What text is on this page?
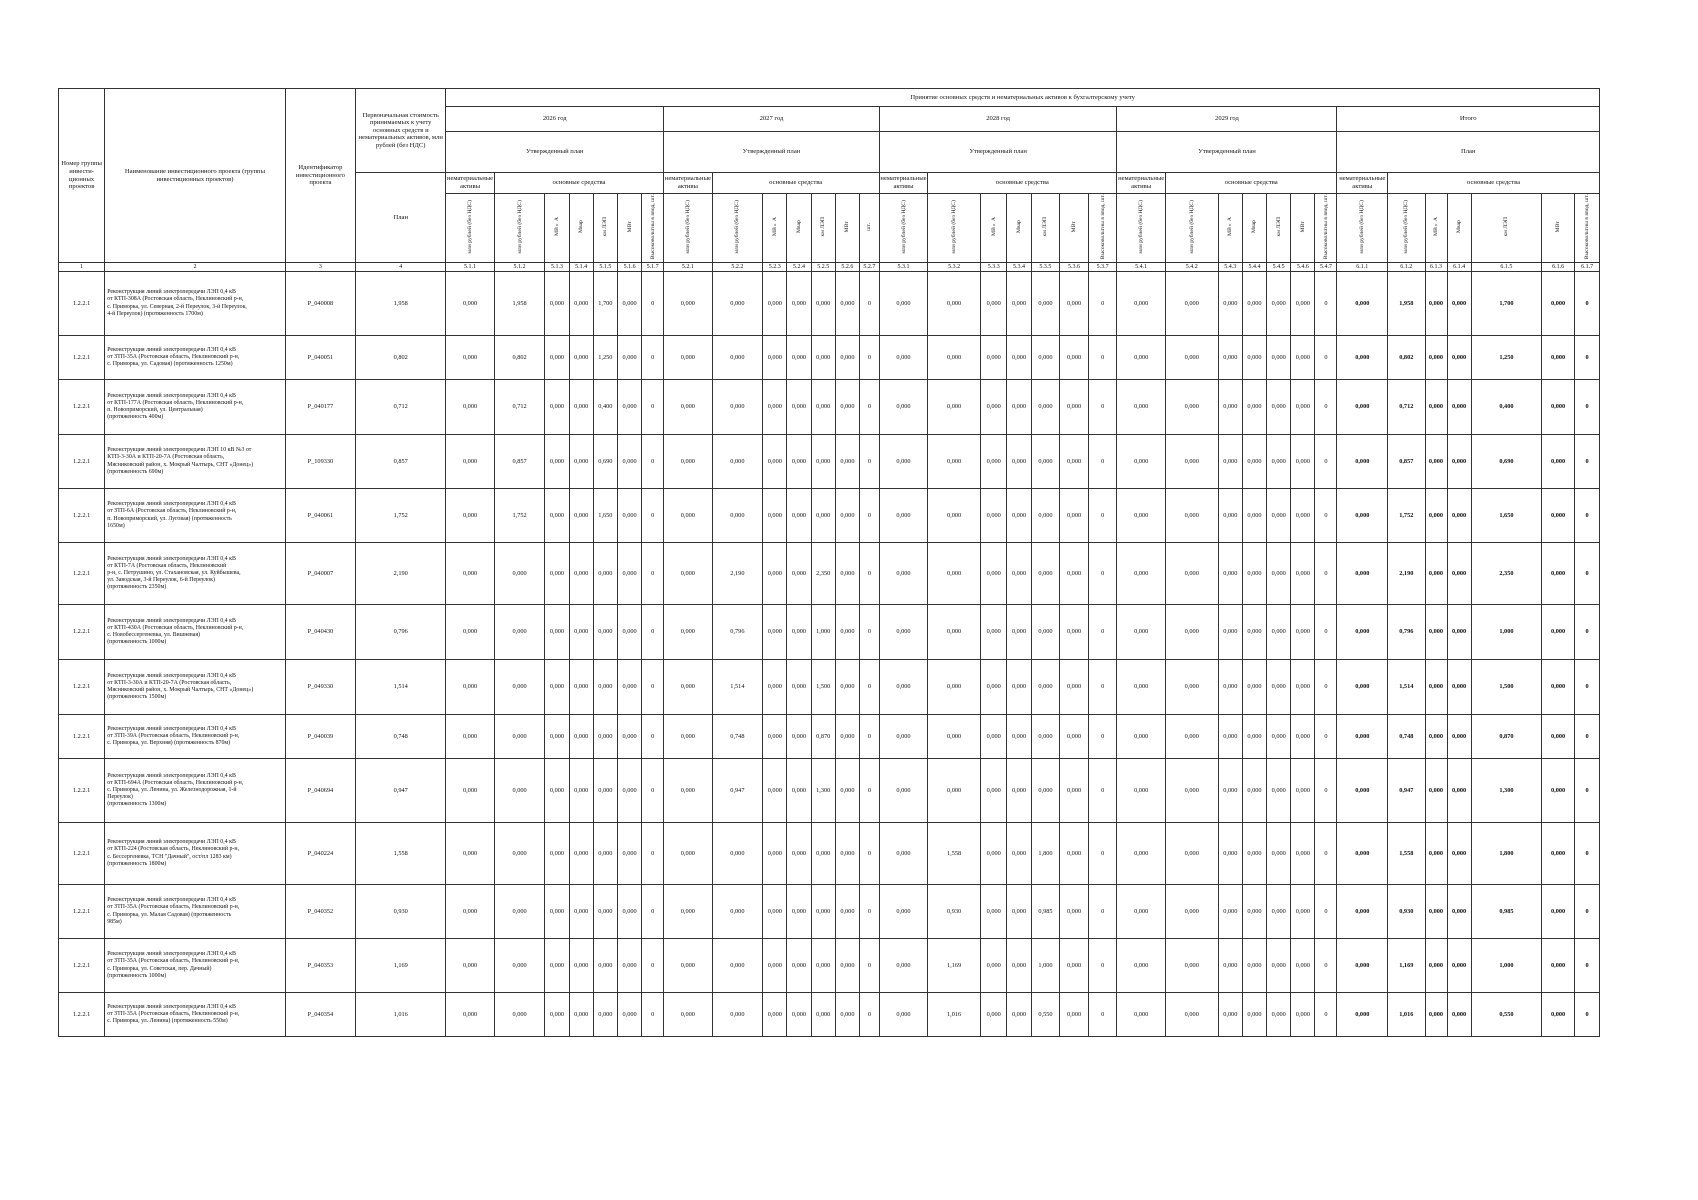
Номер группы инвести-ционных проектов	Наименование инвестиционного проекта (группы инвестиционных проектов)	Идентификатор инвестиционного проекта	Первоначальная стоимость принимаемых к учету основных средств и нематериальных активов, млн рублей (без НДС)	Принятие основных средств и нематериальных активов к бухгалтерскому учету																																		
				2026 год							2027 год							2028 год							2029 год							Итого						
				Утвержденный план							Утвержденный план							Утвержденный план							Утвержденный план							План						
			План	нематериальные активы	основные средства						нематериальные активы	основные средства						нематериальные активы	основные средства						нематериальные активы	основные средства						нематериальные активы	основные средства					
				млн рублей (без НДС)	млн рублей (без НДС)	МВ×А	Мвар	км ЛЭП	МВт	Высоковольтны в ввод, шт.	млн рублей (без НДС)	млн рублей (без НДС)	МВ×А	Мвар	км ЛЭП	МВт	шт.	млн рублей (без НДС)	млн рублей (без НДС)	МВ×А	Мвар	км ЛЭП	МВт	Высоковольтны в ввод, шт.	млн рублей (без НДС)	млн рублей (без НДС)	МВ×А	Мвар	км ЛЭП	МВт	Высоковольтны в ввод, шт.	млн рублей (без НДС)	млн рублей (без НДС)	МВ×А	Мвар	км ЛЭП	МВт	Высоковольтны в ввод, шт.
1	2	3	4	5.1.1	5.1.2	5.1.3	5.1.4	5.1.5	5.1.6	5.1.7	5.2.1	5.2.2	5.2.3	5.2.4	5.2.5	5.2.6	5.2.7	5.3.1	5.3.2	5.3.3	5.3.4	5.3.5	5.3.6	5.3.7	5.4.1	5.4.2	5.4.3	5.4.4	5.4.5	5.4.6	5.4.7	6.1.1	6.1.2	6.1.3	6.1.4	6.1.5	6.1.6	6.1.7
1.2.2.1	Реконструкция линий электропередачи ЛЭП 0,4 кВ
от КТП-308А (Ростовская область, Неклиновский р-н,
с. Приморка, ул. Северная, 2-й Переулок, 3-й Переулок,
4-й Переулок) (протяженность 1700м)	P_040008	1,958	0,000	1,958	0,000	0,000	1,700	0,000	0	0,000	0,000	0,000	0,000	0,000	0,000	0	0,000	0,000	0,000	0,000	0,000	0,000	0	0,000	0,000	0,000	0,000	0,000	0,000	0	0,000	1,958	0,000	0,000	1,700	0,000	0
1.2.2.1	Реконструкция линий электропередачи ЛЭП 0,4 кВ
от ЗТП-35А (Ростовская область, Неклиновский р-н,
с. Приморка, ул. Садовая) (протяженность 1250м)	P_040051	0,802	0,000	0,802	0,000	0,000	1,250	0,000	0	0,000	0,000	0,000	0,000	0,000	0,000	0	0,000	0,000	0,000	0,000	0,000	0,000	0	0,000	0,000	0,000	0,000	0,000	0,000	0	0,000	0,802	0,000	0,000	1,250	0,000	0
1.2.2.1	Реконструкция линий электропередачи ЛЭП 0,4 кВ
от КТП-177А (Ростовская область, Неклиновский р-н,
п. Новоприморский, ул. Центральная)
(протяженность 400м)	P_040177	0,712	0,000	0,712	0,000	0,000	0,400	0,000	0	0,000	0,000	0,000	0,000	0,000	0,000	0	0,000	0,000	0,000	0,000	0,000	0,000	0	0,000	0,000	0,000	0,000	0,000	0,000	0	0,000	0,712	0,000	0,000	0,400	0,000	0
1.2.2.1	Реконструкция линий электропередачи ЛЭП 10 кВ №3 от
КТП-3-30А и КТП-20-7А (Ростовская область,
Мясниковский район, х. Мокрый Чалтырь, СНТ «Донец»)
(протяженность 690м)	P_109330	0,857	0,000	0,857	0,000	0,000	0,690	0,000	0	0,000	0,000	0,000	0,000	0,000	0,000	0	0,000	0,000	0,000	0,000	0,000	0,000	0	0,000	0,000	0,000	0,000	0,000	0,000	0	0,000	0,857	0,000	0,000	0,690	0,000	0
1.2.2.1	Реконструкция линий электропередачи ЛЭП 0,4 кВ
от ЗТП-6А (Ростовская область, Неклиновский р-н,
п. Новоприморский, ул. Луговая) (протяженность
1650м)	P_040061	1,752	0,000	1,752	0,000	0,000	1,650	0,000	0	0,000	0,000	0,000	0,000	0,000	0,000	0	0,000	0,000	0,000	0,000	0,000	0,000	0	0,000	0,000	0,000	0,000	0,000	0,000	0	0,000	1,752	0,000	0,000	1,650	0,000	0
1.2.2.1	Реконструкция линий электропередачи ЛЭП 0,4 кВ
от КТП-7А (Ростовская область, Неклиновский
р-н, с. Петрушино, ул. Стахановская, ул. Куйбышева,
ул. Заводская, 3-й Переулок, 6-й Переулок)
(протяженность 2350м)	P_040007	2,190	0,000	0,000	0,000	0,000	0,000	0,000	0	0,000	2,190	0,000	0,000	2,350	0,000	0	0,000	0,000	0,000	0,000	0,000	0,000	0	0,000	0,000	0,000	0,000	0,000	0,000	0	0,000	2,190	0,000	0,000	2,350	0,000	0
1.2.2.1	Реконструкция линий электропередачи ЛЭП 0,4 кВ
от КТП-430А (Ростовская область, Неклиновский р-н,
с. Новобессергеневка, ул. Вишневая)
(протяженность 1000м)	P_040430	0,796	0,000	0,000	0,000	0,000	0,000	0,000	0	0,000	0,796	0,000	0,000	1,000	0,000	0	0,000	0,000	0,000	0,000	0,000	0,000	0	0,000	0,000	0,000	0,000	0,000	0,000	0	0,000	0,796	0,000	0,000	1,000	0,000	0
1.2.2.1	Реконструкция линий электропередачи ЛЭП 0,4 кВ
от КТП-3-30А и КТП-20-7А (Ростовская область,
Мясниковский район, х. Мокрый Чалтырь, СНТ «Донец»)
(протяженность 1500м)	P_049330	1,514	0,000	0,000	0,000	0,000	0,000	0,000	0	0,000	1,514	0,000	0,000	1,500	0,000	0	0,000	0,000	0,000	0,000	0,000	0,000	0	0,000	0,000	0,000	0,000	0,000	0,000	0	0,000	1,514	0,000	0,000	1,500	0,000	0
1.2.2.1	Реконструкция линий электропередачи ЛЭП 0,4 кВ
от ЗТП-39А (Ростовская область, Неклиновский р-н,
с. Приморка, ул. Верхняя) (протяженность 870м)	P_040039	0,748	0,000	0,000	0,000	0,000	0,000	0,000	0	0,000	0,748	0,000	0,000	0,870	0,000	0	0,000	0,000	0,000	0,000	0,000	0,000	0	0,000	0,000	0,000	0,000	0,000	0,000	0	0,000	0,748	0,000	0,000	0,870	0,000	0
1.2.2.1	Реконструкция линий электропередачи ЛЭП 0,4 кВ
от КТП-694А (Ростовская область, Неклиновский р-н,
с. Приморка, ул. Ленина, ул. Железнодорожная, 1-й
Переулок)
(протяженность 1300м)	P_040694	0,947	0,000	0,000	0,000	0,000	0,000	0,000	0	0,000	0,947	0,000	0,000	1,300	0,000	0	0,000	0,000	0,000	0,000	0,000	0,000	0	0,000	0,000	0,000	0,000	0,000	0,000	0	0,000	0,947	0,000	0,000	1,300	0,000	0
1.2.2.1	Реконструкция линий электропередачи ЛЭП 0,4 кВ
от КТП-224 (Ростовская область, Неклиновский р-н,
с. Бессергеневка, ТСН "Дачный", ост/пл 1283 км)
(протяженность 1800м)	P_040224	1,558	0,000	0,000	0,000	0,000	0,000	0,000	0	0,000	0,000	0,000	0,000	0,000	0,000	0	0,000	1,558	0,000	0,000	1,800	0,000	0	0,000	0,000	0,000	0,000	0,000	0,000	0	0,000	1,558	0,000	0,000	1,800	0,000	0
1.2.2.1	Реконструкция линий электропередачи ЛЭП 0,4 кВ
от ЗТП-35А (Ростовская область, Неклиновский р-н,
с. Приморка, ул. Малая Садовая) (протяженность
985м)	P_040352	0,930	0,000	0,000	0,000	0,000	0,000	0,000	0	0,000	0,000	0,000	0,000	0,000	0,000	0	0,000	0,930	0,000	0,000	0,985	0,000	0	0,000	0,000	0,000	0,000	0,000	0,000	0	0,000	0,930	0,000	0,000	0,985	0,000	0
1.2.2.1	Реконструкция линий электропередачи ЛЭП 0,4 кВ
от ЗТП-35А (Ростовская область, Неклиновский р-н,
с. Приморка, ул. Советская, пер. Дачный)
(протяженность 1000м)	P_040353	1,169	0,000	0,000	0,000	0,000	0,000	0,000	0	0,000	0,000	0,000	0,000	0,000	0,000	0	0,000	1,169	0,000	0,000	1,000	0,000	0	0,000	0,000	0,000	0,000	0,000	0,000	0	0,000	1,169	0,000	0,000	1,000	0,000	0
1.2.2.1	Реконструкция линий электропередачи ЛЭП 0,4 кВ
от ЗТП-35А (Ростовская область, Неклиновский р-н,
с. Приморка, ул. Ленина) (протяженность 550м)	P_040354	1,016	0,000	0,000	0,000	0,000	0,000	0,000	0	0,000	0,000	0,000	0,000	0,000	0,000	0	0,000	1,016	0,000	0,000	0,550	0,000	0	0,000	0,000	0,000	0,000	0,000	0,000	0	0,000	1,016	0,000	0,000	0,550	0,000	0
